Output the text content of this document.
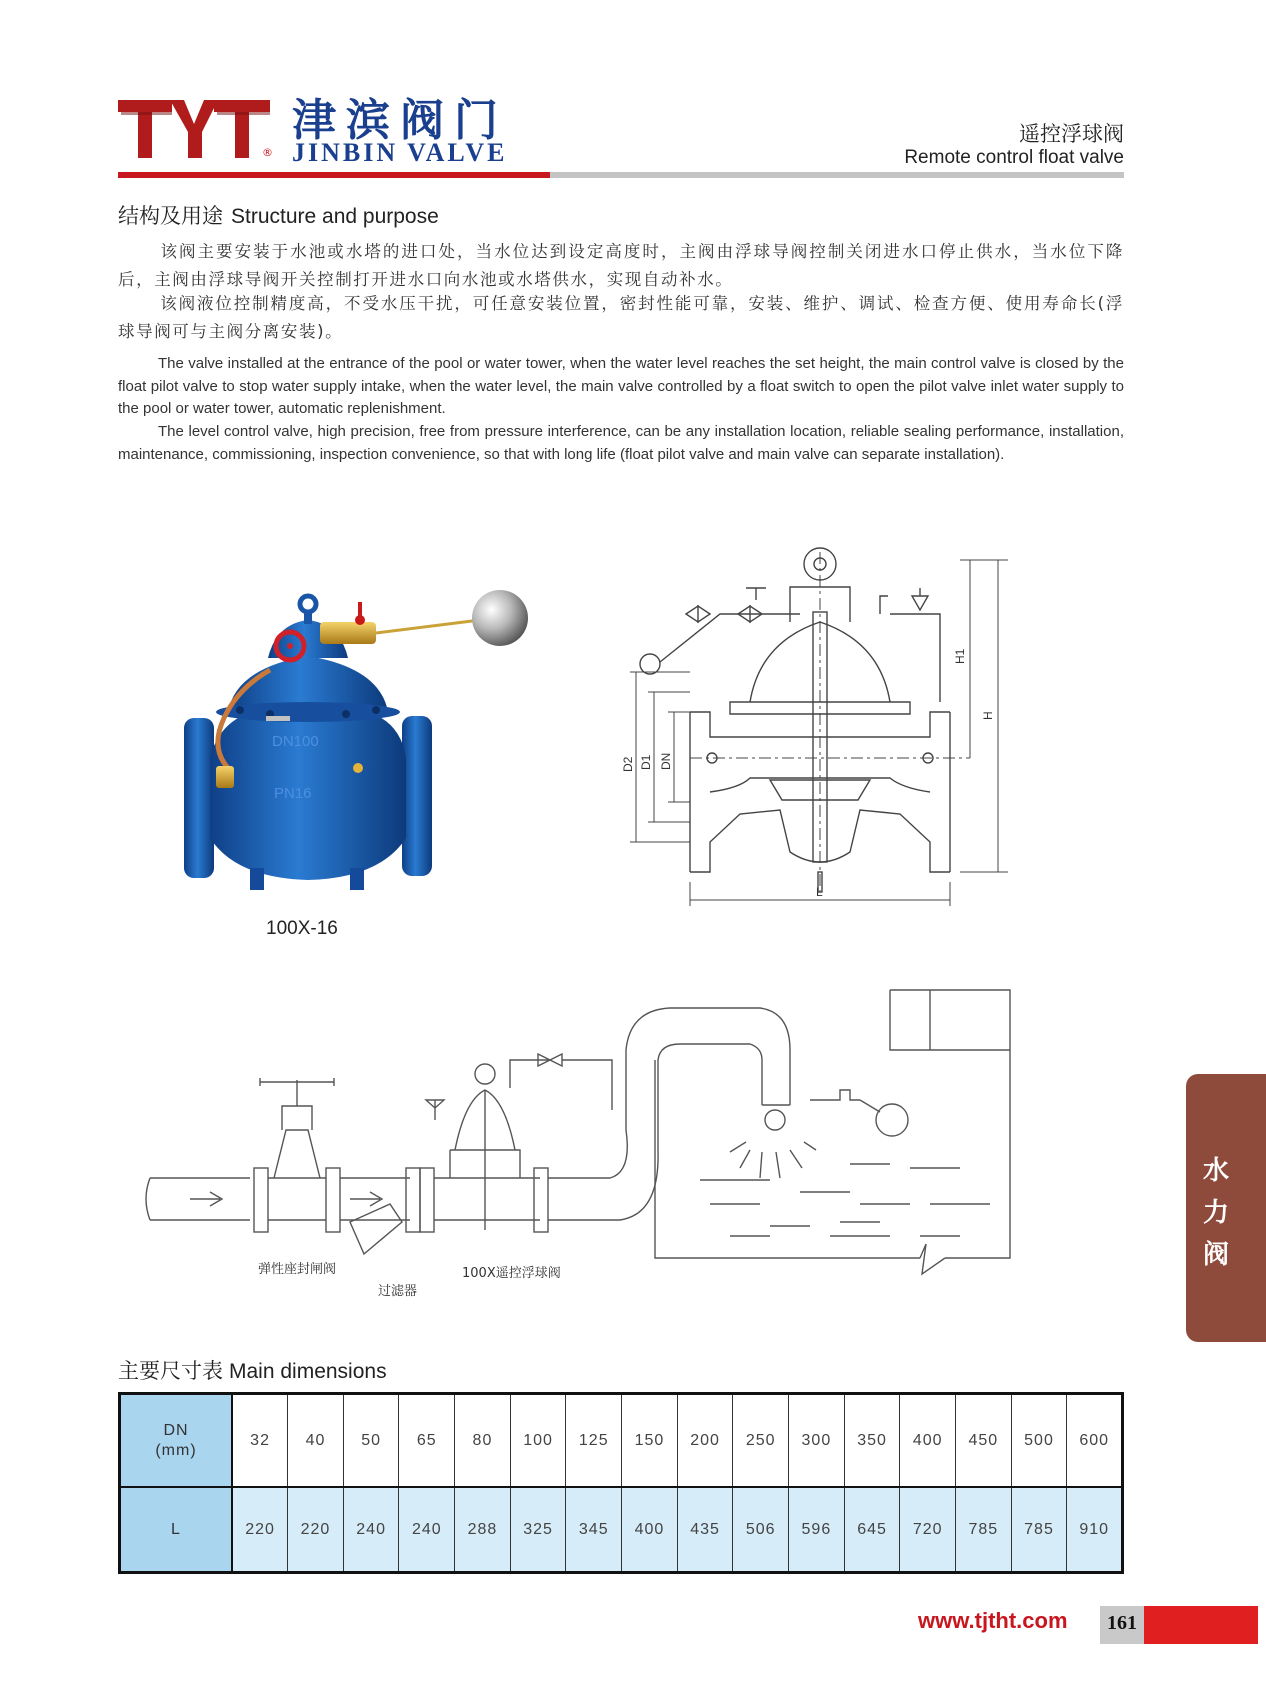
®
津滨阀门
JINBIN VALVE
遥控浮球阀
Remote control float valve
结构及用途 Structure and purpose
该阀主要安装于水池或水塔的进口处，当水位达到设定高度时，主阀由浮球导阀控制关闭进水口停止供水，当水位下降后，主阀由浮球导阀开关控制打开进水口向水池或水塔供水，实现自动补水。
该阀液位控制精度高，不受水压干扰，可任意安装位置，密封性能可靠，安装、维护、调试、检查方便、使用寿命长(浮球导阀可与主阀分离安装)。
The valve installed at the entrance of the pool or water tower, when the water level reaches the set height, the main control valve is closed by the float pilot valve to stop water supply intake, when the water level, the main valve controlled by a float switch to open the pilot valve inlet water supply to the pool or water tower, automatic replenishment.
The level control valve, high precision, free from pressure interference, can be any installation location, reliable sealing performance, installation, maintenance, commissioning, inspection convenience, so that with long life (float pilot valve and main valve can separate installation).
DN100
PN16
100X-16
H1
H
D2 D1 DN
L
弹性座封闸阀
过滤器
100X遥控浮球阀
水
力
阀
主要尺寸表 Main dimensions
DN
(mm)	32	40	50	65	80	100	125	150	200	250	300	350	400	450	500	600
L	220	220	240	240	288	325	345	400	435	506	596	645	720	785	785	910
www.tjtht.com	161
